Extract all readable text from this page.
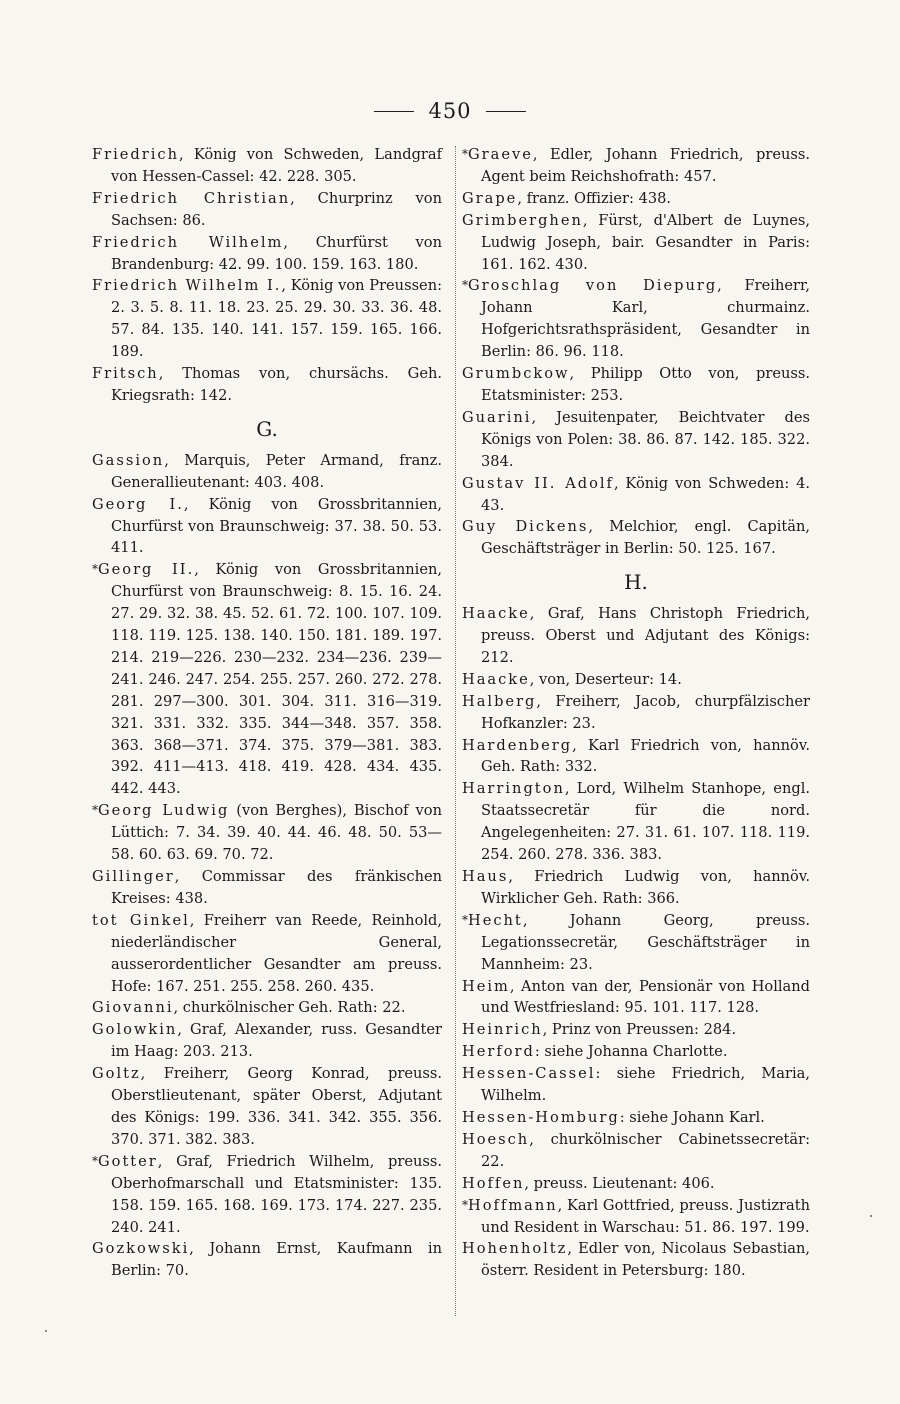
450

Friedrich, König von Schweden, Landgraf von Hessen-Cassel: 42. 228. 305.

Friedrich Christian, Churprinz von Sachsen: 86.

Friedrich Wilhelm, Churfürst von Brandenburg: 42. 99. 100. 159. 163. 180.

Friedrich Wilhelm I., König von Preussen: 2. 3. 5. 8. 11. 18. 23. 25. 29. 30. 33. 36. 48. 57. 84. 135. 140. 141. 157. 159. 165. 166. 189.

Fritsch, Thomas von, chursächs. Geh. Kriegsrath: 142.

G.

Gassion, Marquis, Peter Armand, franz. Generallieutenant: 403. 408.

Georg I., König von Grossbritannien, Churfürst von Braunschweig: 37. 38. 50. 53. 411.

*Georg II., König von Grossbritannien, Churfürst von Braunschweig: 8. 15. 16. 24. 27. 29. 32. 38. 45. 52. 61. 72. 100. 107. 109. 118. 119. 125. 138. 140. 150. 181. 189. 197. 214. 219—226. 230—232. 234—236. 239—241. 246. 247. 254. 255. 257. 260. 272. 278. 281. 297—300. 301. 304. 311. 316—319. 321. 331. 332. 335. 344—348. 357. 358. 363. 368—371. 374. 375. 379—381. 383. 392. 411—413. 418. 419. 428. 434. 435. 442. 443.

*Georg Ludwig (von Berghes), Bischof von Lüttich: 7. 34. 39. 40. 44. 46. 48. 50. 53—58. 60. 63. 69. 70. 72.

Gillinger, Commissar des fränkischen Kreises: 438.

tot Ginkel, Freiherr van Reede, Reinhold, niederländischer General, ausserordentlicher Gesandter am preuss. Hofe: 167. 251. 255. 258. 260. 435.

Giovanni, churkölnischer Geh. Rath: 22.

Golowkin, Graf, Alexander, russ. Gesandter im Haag: 203. 213.

Goltz, Freiherr, Georg Konrad, preuss. Oberstlieutenant, später Oberst, Adjutant des Königs: 199. 336. 341. 342. 355. 356. 370. 371. 382. 383.

*Gotter, Graf, Friedrich Wilhelm, preuss. Oberhofmarschall und Etatsminister: 135. 158. 159. 165. 168. 169. 173. 174. 227. 235. 240. 241.

Gozkowski, Johann Ernst, Kaufmann in Berlin: 70.

*Graeve, Edler, Johann Friedrich, preuss. Agent beim Reichshofrath: 457.

Grape, franz. Offizier: 438.

Grimberghen, Fürst, d'Albert de Luynes, Ludwig Joseph, bair. Gesandter in Paris: 161. 162. 430.

*Groschlag von Diepurg, Freiherr, Johann Karl, churmainz. Hofgerichtsrathspräsident, Gesandter in Berlin: 86. 96. 118.

Grumbckow, Philipp Otto von, preuss. Etatsminister: 253.

Guarini, Jesuitenpater, Beichtvater des Königs von Polen: 38. 86. 87. 142. 185. 322. 384.

Gustav II. Adolf, König von Schweden: 4. 43.

Guy Dickens, Melchior, engl. Capitän, Geschäftsträger in Berlin: 50. 125. 167.

H.

Haacke, Graf, Hans Christoph Friedrich, preuss. Oberst und Adjutant des Königs: 212.

Haacke, von, Deserteur: 14.

Halberg, Freiherr, Jacob, churpfälzischer Hofkanzler: 23.

Hardenberg, Karl Friedrich von, hannöv. Geh. Rath: 332.

Harrington, Lord, Wilhelm Stanhope, engl. Staatssecretär für die nord. Angelegenheiten: 27. 31. 61. 107. 118. 119. 254. 260. 278. 336. 383.

Haus, Friedrich Ludwig von, hannöv. Wirklicher Geh. Rath: 366.

*Hecht, Johann Georg, preuss. Legationssecretär, Geschäftsträger in Mannheim: 23.

Heim, Anton van der, Pensionär von Holland und Westfriesland: 95. 101. 117. 128.

Heinrich, Prinz von Preussen: 284.

Herford: siehe Johanna Charlotte.

Hessen-Cassel: siehe Friedrich, Maria, Wilhelm.

Hessen-Homburg: siehe Johann Karl.

Hoesch, churkölnischer Cabinetssecretär: 22.

Hoffen, preuss. Lieutenant: 406.

*Hoffmann, Karl Gottfried, preuss. Justizrath und Resident in Warschau: 51. 86. 197. 199.

Hohenholtz, Edler von, Nicolaus Sebastian, österr. Resident in Petersburg: 180.
